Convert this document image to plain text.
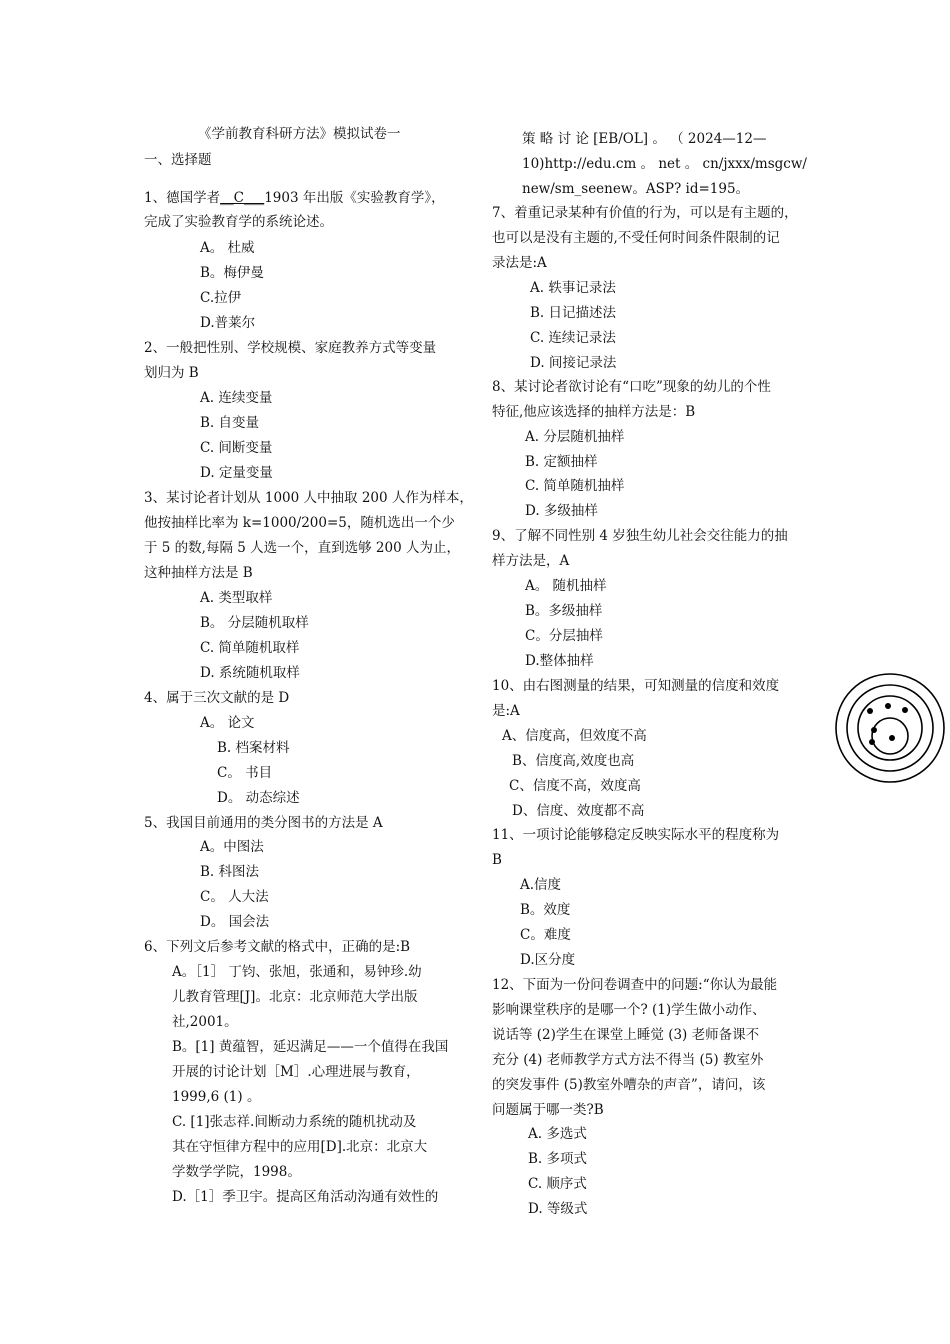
《学前教育科研方法》模拟试卷一
一、选择题
1、德国学者__C___1903 年出版《实验教育学》，
完成了实验教育学的系统论述。
A。 杜威
B。梅伊曼
C.拉伊
D.普莱尔
2、一般把性别、学校规模、家庭教养方式等变量
划归为 B
A. 连续变量
B. 自变量
C. 间断变量
D. 定量变量
3、某讨论者计划从 1000 人中抽取 200 人作为样本，
他按抽样比率为 k=1000/200=5，随机选出一个少
于 5 的数,每隔 5 人选一个，直到选够 200 人为止，
这种抽样方法是 B
A. 类型取样
B。 分层随机取样
C. 简单随机取样
D. 系统随机取样
4、属于三次文献的是 D
A。 论文
B. 档案材料
C。 书目
D。 动态综述
5、我国目前通用的类分图书的方法是 A
A。中图法
B. 科图法
C。 人大法
D。 国会法
6、下列文后参考文献的格式中，正确的是:B
A。［1］ 丁钧、张旭，张通和，易钟珍.幼
儿教育管理[J]。北京：北京师范大学出版
社,2001。
B。[1] 黄蕴智，延迟满足——一个值得在我国
开展的讨论计划［M］.心理进展与教育，
1999,6 (1) 。
C. [1]张志祥.间断动力系统的随机扰动及
其在守恒律方程中的应用[D].北京：北京大
学数学学院，1998。
D.［1］季卫宇。提高区角活动沟通有效性的
策 略 讨 论 [EB/OL] 。 （ 2024—12—
10)http://edu.cm 。 net 。 cn/jxxx/msgcw/
new/sm_seenew。ASP? id=195。
7、着重记录某种有价值的行为，可以是有主题的，
也可以是没有主题的,不受任何时间条件限制的记
录法是:A
A. 轶事记录法
B. 日记描述法
C. 连续记录法
D. 间接记录法
8、某讨论者欲讨论有“口吃”现象的幼儿的个性
特征,他应该选择的抽样方法是：B
A. 分层随机抽样
B. 定额抽样
C. 简单随机抽样
D. 多级抽样
9、了解不同性别 4 岁独生幼儿社会交往能力的抽
样方法是，A
A。 随机抽样
B。多级抽样
C。分层抽样
D.整体抽样
10、由右图测量的结果，可知测量的信度和效度
是:A
A、信度高，但效度不高
B、信度高,效度也高
C、信度不高，效度高
D、信度、效度都不高
11、一项讨论能够稳定反映实际水平的程度称为
B
A.信度
B。效度
C。难度
D.区分度
12、下面为一份问卷调查中的问题:“你认为最能
影响课堂秩序的是哪一个? (1)学生做小动作、
说话等 (2)学生在课堂上睡觉 (3) 老师备课不
充分 (4) 老师教学方式方法不得当 (5) 教室外
的突发事件 (5)教室外嘈杂的声音”，请问，该
问题属于哪一类?B
A. 多选式
B. 多项式
C. 顺序式
D. 等级式
